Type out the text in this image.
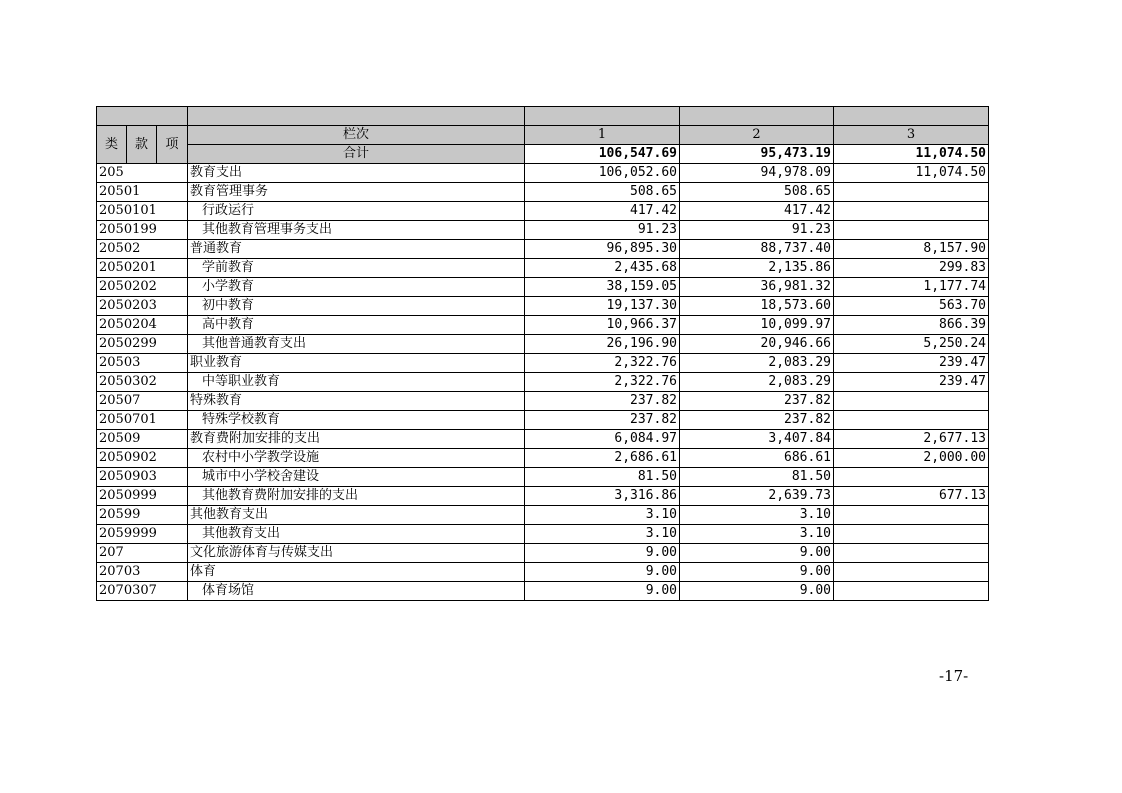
类	款	项	栏次	1	2	3
			合计	106,547.69	95,473.19	11,074.50
205			教育支出	106,052.60	94,978.09	11,074.50
20501			教育管理事务	508.65	508.65	
2050101			行政运行	417.42	417.42	
2050199			其他教育管理事务支出	91.23	91.23	
20502			普通教育	96,895.30	88,737.40	8,157.90
2050201			学前教育	2,435.68	2,135.86	299.83
2050202			小学教育	38,159.05	36,981.32	1,177.74
2050203			初中教育	19,137.30	18,573.60	563.70
2050204			高中教育	10,966.37	10,099.97	866.39
2050299			其他普通教育支出	26,196.90	20,946.66	5,250.24
20503			职业教育	2,322.76	2,083.29	239.47
2050302			中等职业教育	2,322.76	2,083.29	239.47
20507			特殊教育	237.82	237.82	
2050701			特殊学校教育	237.82	237.82	
20509			教育费附加安排的支出	6,084.97	3,407.84	2,677.13
2050902			农村中小学教学设施	2,686.61	686.61	2,000.00
2050903			城市中小学校舍建设	81.50	81.50	
2050999			其他教育费附加安排的支出	3,316.86	2,639.73	677.13
20599			其他教育支出	3.10	3.10	
2059999			其他教育支出	3.10	3.10	
207			文化旅游体育与传媒支出	9.00	9.00	
20703			体育	9.00	9.00	
2070307			体育场馆	9.00	9.00	
-17-
